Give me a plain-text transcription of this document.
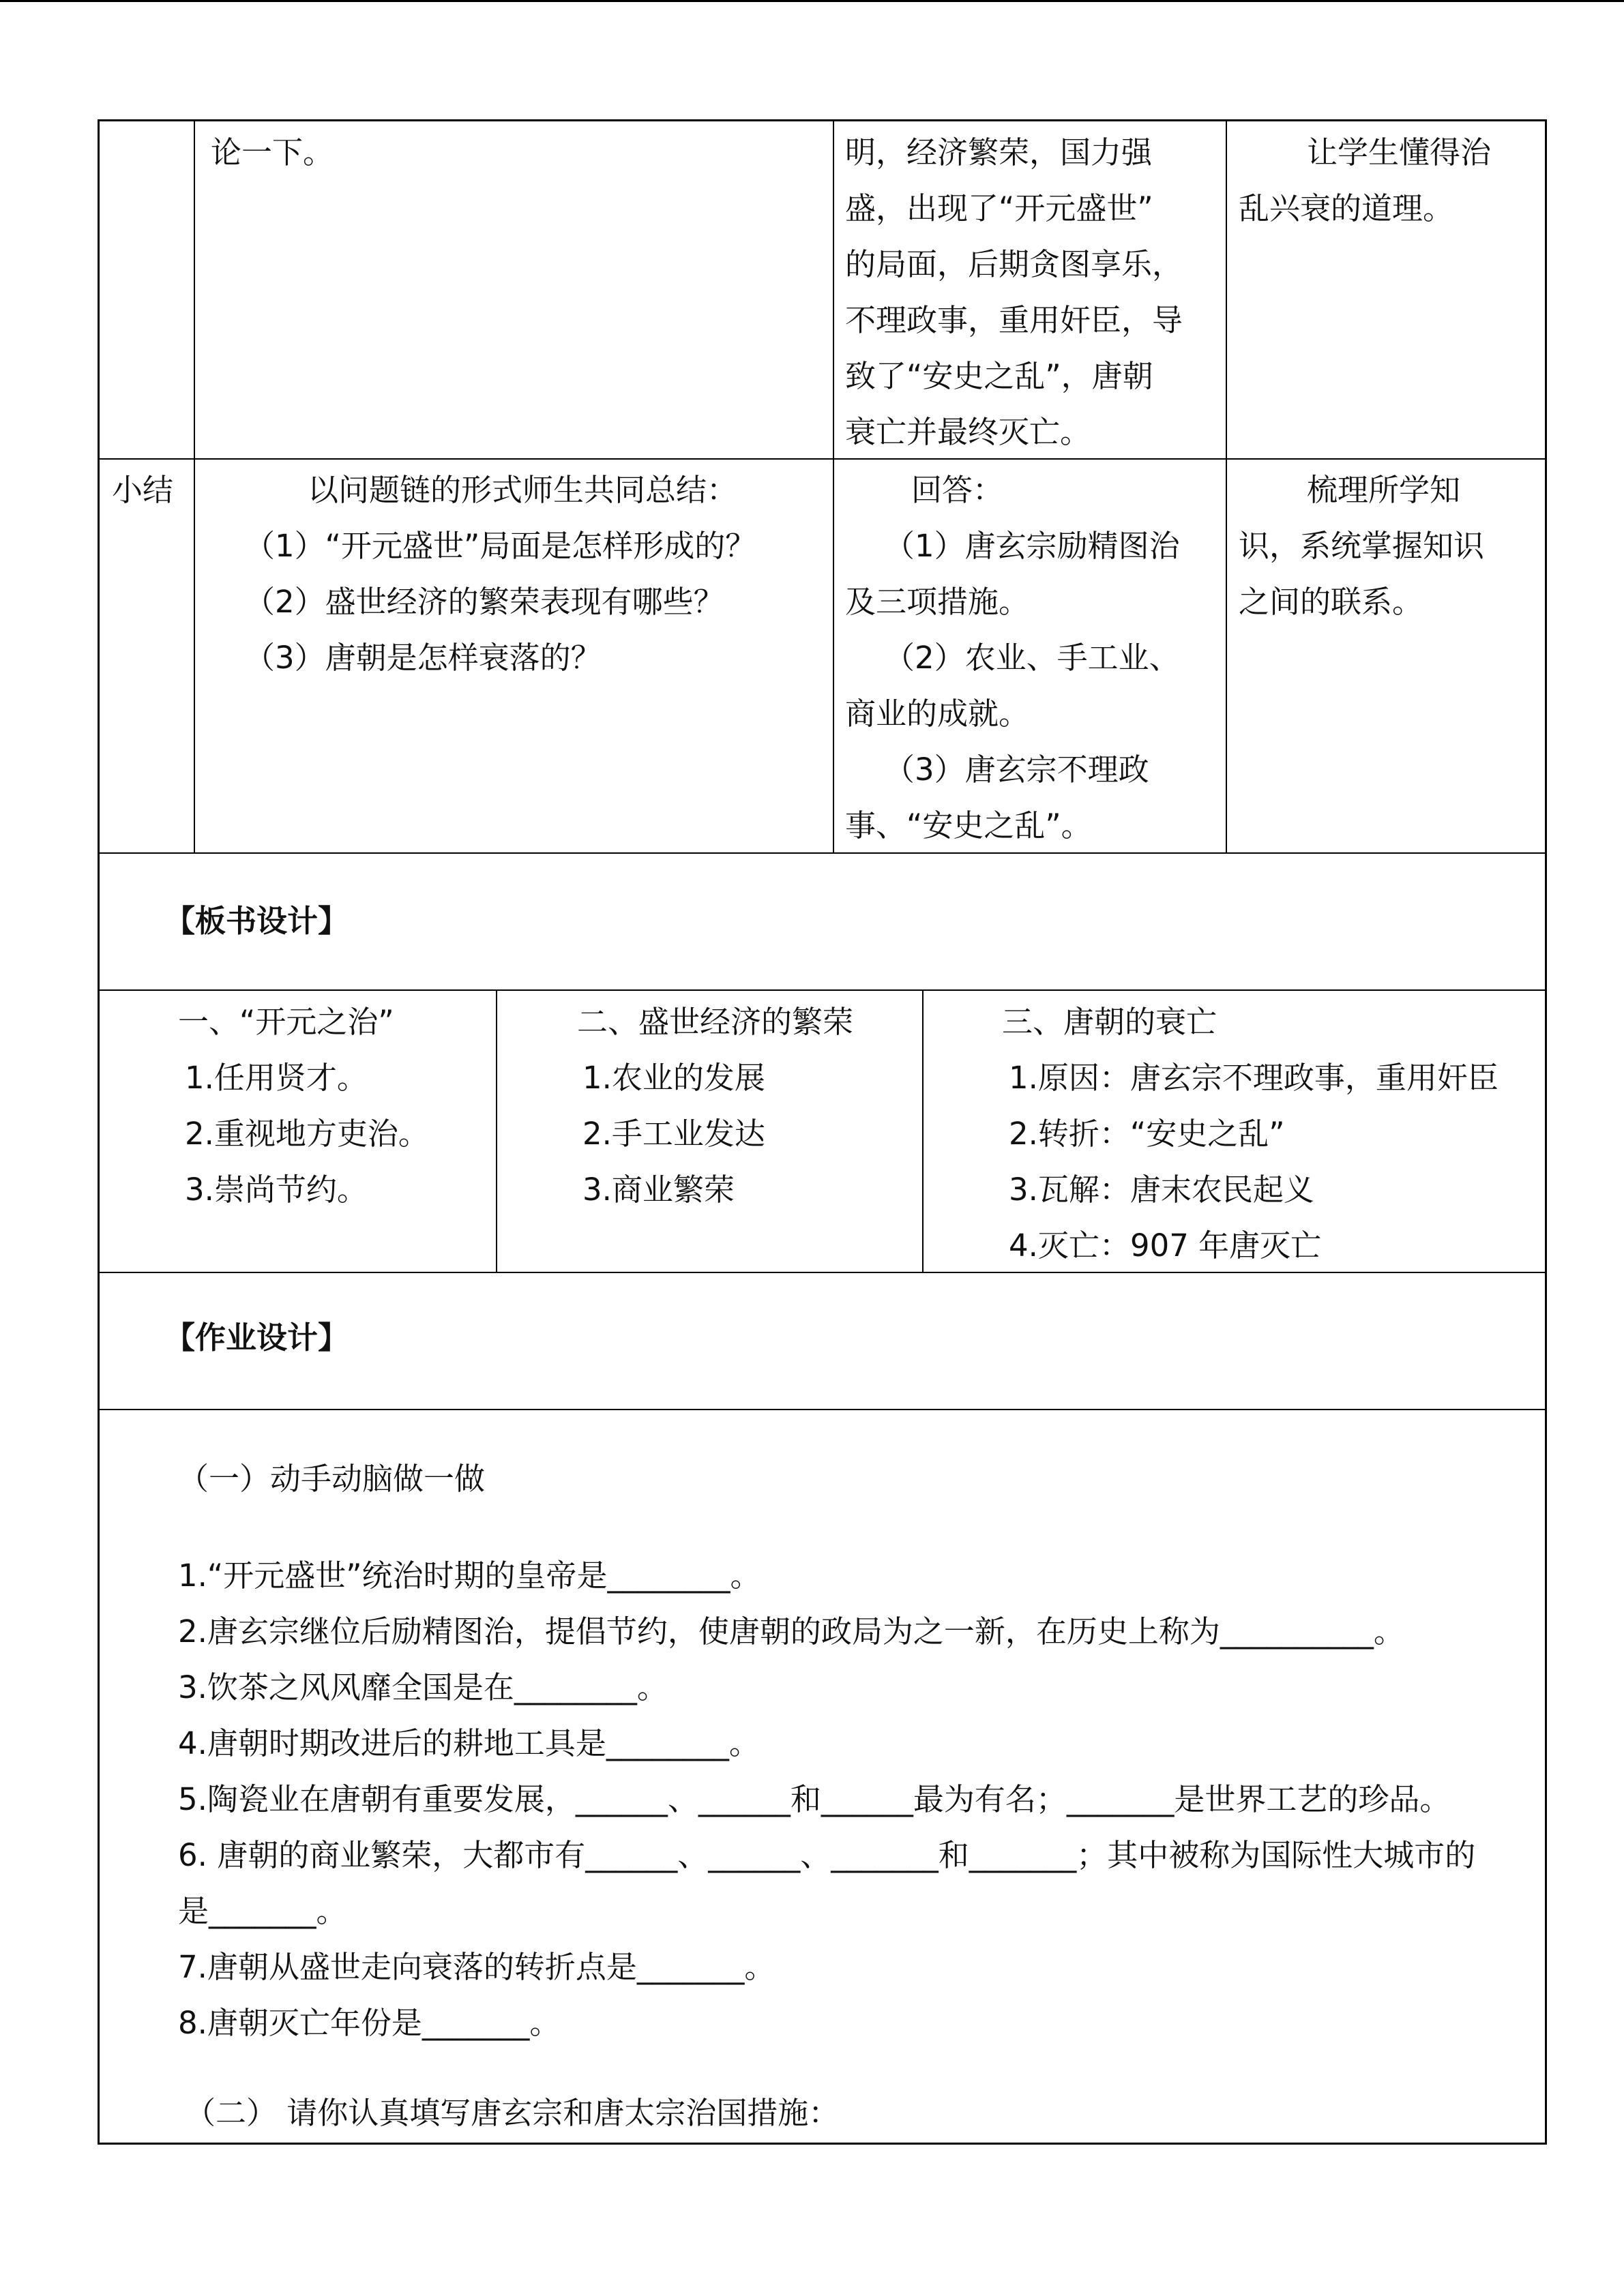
论一下。	明，经济繁荣，国力强
盛，出现了“开元盛世”
的局面，后期贪图享乐，
不理政事，重用奸臣，导
致了“安史之乱”，唐朝
衰亡并最终灭亡。
让学生懂得治
乱兴衰的道理。
小结	以问题链的形式师生共同总结：
（1）“开元盛世”局面是怎样形成的？
（2）盛世经济的繁荣表现有哪些？
（3）唐朝是怎样衰落的？
回答：
（1）唐玄宗励精图治
及三项措施。
（2）农业、手工业、
商业的成就。
（3）唐玄宗不理政
事、“安史之乱”。
梳理所学知
识，系统掌握知识
之间的联系。
【板书设计】
一、“开元之治”
1.任用贤才。
2.重视地方吏治。
3.崇尚节约。
二、盛世经济的繁荣
1.农业的发展
2.手工业发达
3.商业繁荣
三、唐朝的衰亡
1.原因：唐玄宗不理政事，重用奸臣
2.转折：“安史之乱”
3.瓦解：唐末农民起义
4.灭亡：907 年唐灭亡
【作业设计】
（一）动手动脑做一做
1.“开元盛世”统治时期的皇帝是________。
2.唐玄宗继位后励精图治，提倡节约，使唐朝的政局为之一新，在历史上称为__________。
3.饮茶之风风靡全国是在________。
4.唐朝时期改进后的耕地工具是________。
5.陶瓷业在唐朝有重要发展，______、______和______最为有名；_______是世界工艺的珍品。
6. 唐朝的商业繁荣，大都市有______、______、_______和_______；其中被称为国际性大城市的
是_______。
7.唐朝从盛世走向衰落的转折点是_______。
8.唐朝灭亡年份是_______。
（二） 请你认真填写唐玄宗和唐太宗治国措施：
